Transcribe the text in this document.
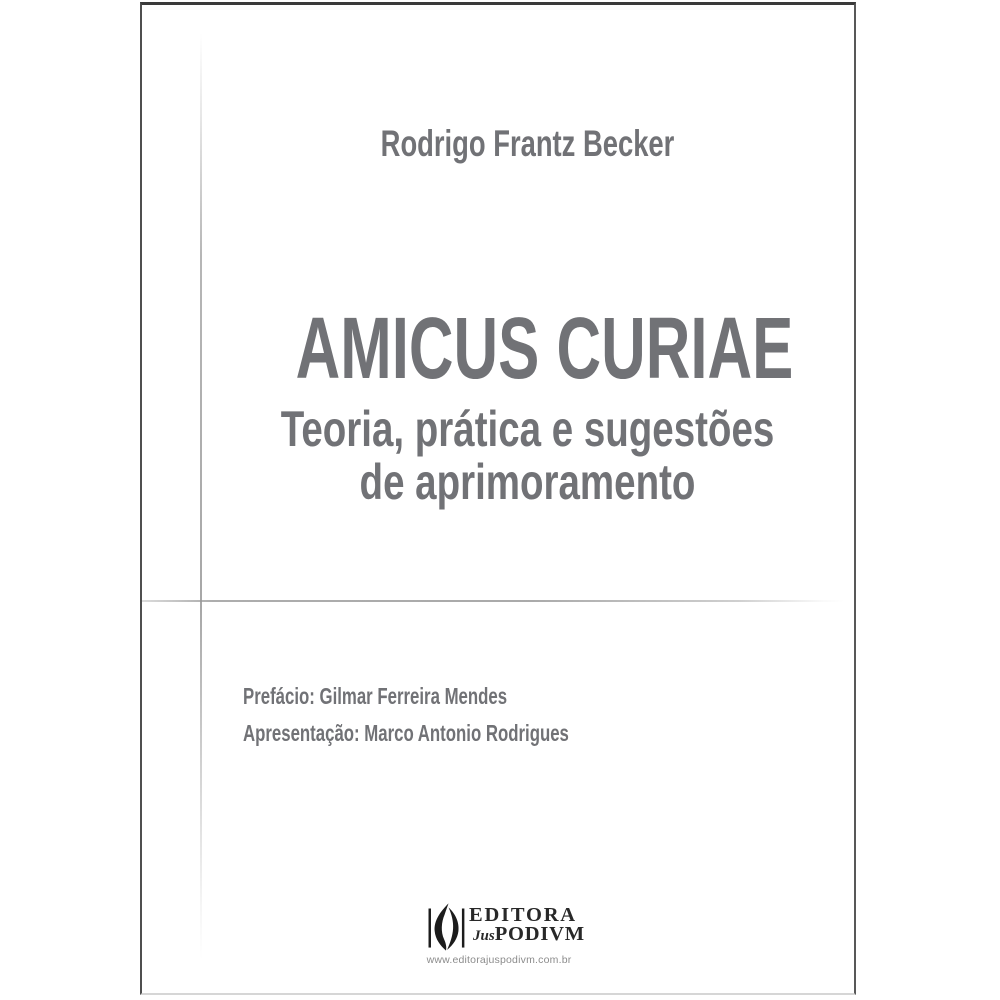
Rodrigo Frantz Becker
AMICUS CURIAE
Teoria, prática e sugestões
de aprimoramento
Prefácio: Gilmar Ferreira Mendes
Apresentação: Marco Antonio Rodrigues
EDITORA
JusPODIVM
www.editorajuspodivm.com.br
